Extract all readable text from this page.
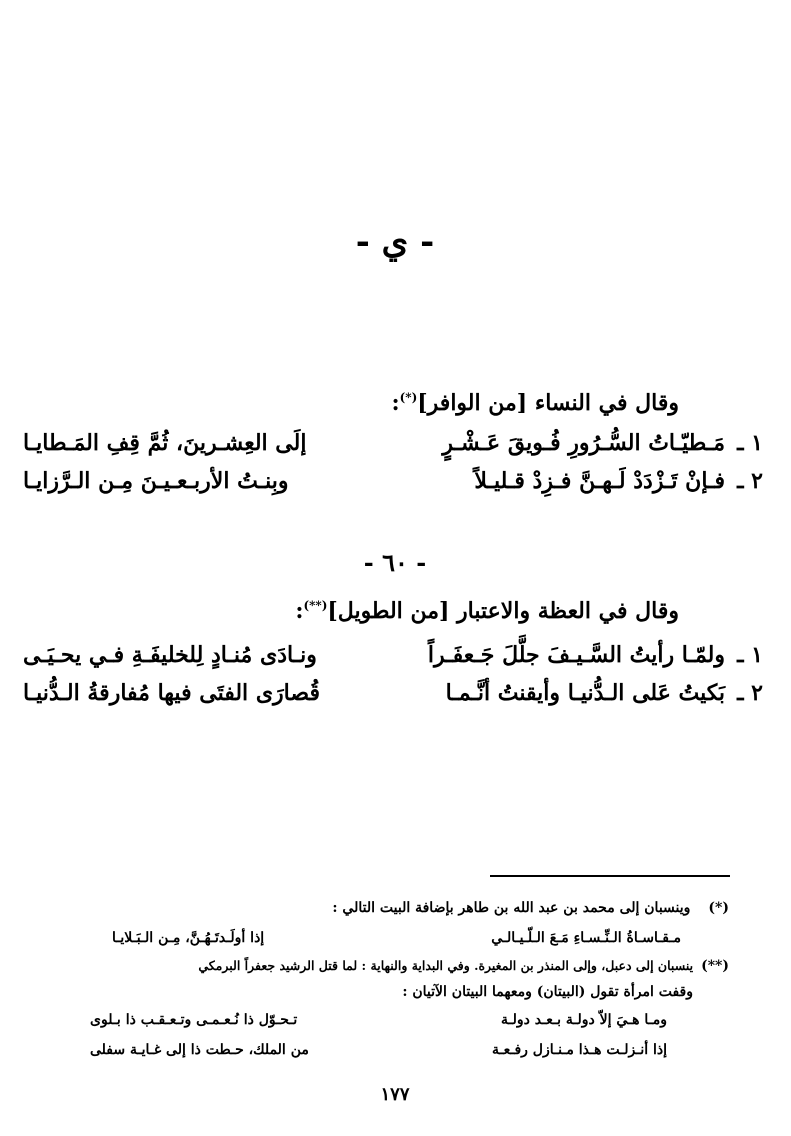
- ي -
وقال في النساء [من الوافر](*):
١ ـ
مَـطيّـاتُ السُّـرُورِ فُـويقَ عَـشْـرٍ
إلَى العِشـرينَ، ثُمَّ قِفِ المَـطايـا
٢ ـ
فـإنْ تَـزْدَدْ لَـهـنَّ فـزِدْ قـليـلاً
وبِنـتُ الأربـعـيـنَ مِـن الـرَّزايـا
- ٦٠ -
وقال في العظة والاعتبار [من الطويل](**):
١ ـ
ولمّـا رأيتُ السَّـيـفَ جلَّلَ جَـعفَـراً
ونـادَى مُنـادٍ لِلخليفَـةِ فـي يحـيَـى
٢ ـ
بَكيتُ عَلى الـدُّنيـا وأيقنتُ أنَّـمـا
قُصارَى الفتَى فيها مُفارقةُ الـدُّنيـا
(*)وينسبان إلى محمد بن عبد الله بن طاهر بإضافة البيت التالي :
مـقـاسـاةُ الـنِّـسـاءِ مَـعَ الـلّـيـالـي
إذا أولَـدتَـهُـنَّ، مِـن الـبَـلايـا
(**)ينسبان إلى دعبل، وإلى المنذر بن المغيرة. وفي البداية والنهاية : لما قتل الرشيد جعفراً البرمكي
وقفت امرأة تقول (البيتان) ومعهما البيتان الآتيان :
ومـا هـيَ إلاّ دولـة بـعـد دولـة
تـحـوّل ذا نُـعـمـى وتـعـقـب ذا بـلوى
إذا أنـزلـت هـذا مـنـازل رفـعـة
من الملك، حـطت ذا إلى غـايـة سفلى
١٧٧
